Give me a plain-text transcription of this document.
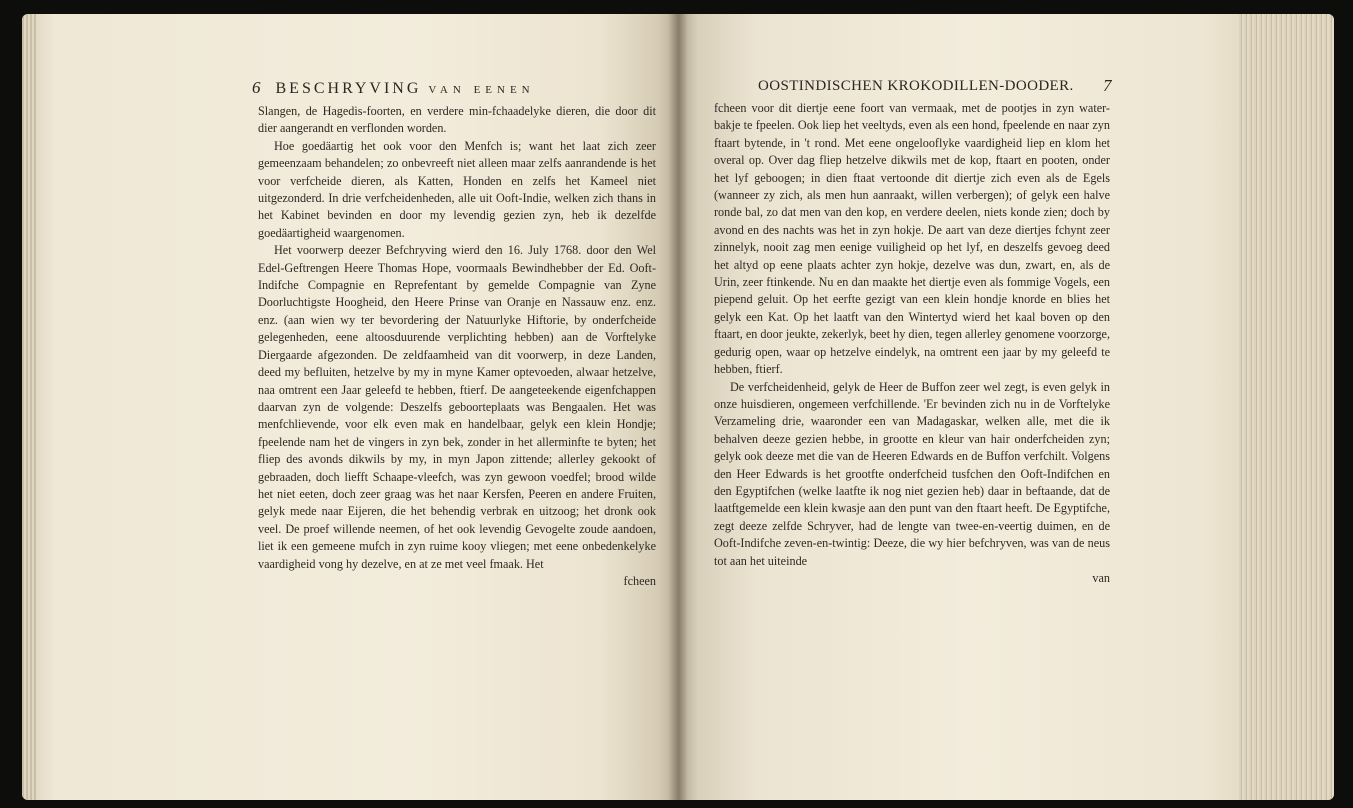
6 BESCHRYVING VAN EENEN

Slangen, de Hagedis-foorten, en verdere min-fchaadelyke dieren, die door dit dier aangerandt en verflonden worden.

Hoe goedäartig het ook voor den Menfch is; want het laat zich zeer gemeenzaam behandelen; zo onbevreeft niet alleen maar zelfs aanrandende is het voor verfcheide dieren, als Katten, Honden en zelfs het Kameel niet uitgezonderd. In drie verfcheidenheden, alle uit Ooft-Indie, welken zich thans in het Kabinet bevinden en door my levendig gezien zyn, heb ik dezelfde goedäartigheid waargenomen.

Het voorwerp deezer Befchryving wierd den 16. July 1768. door den Wel Edel-Geftrengen Heere Thomas Hope, voormaals Bewindhebber der Ed. Ooft-Indifche Compagnie en Reprefentant by gemelde Compagnie van Zyne Doorluchtigste Hoogheid, den Heere Prinse van Oranje en Nassauw enz. enz. enz. (aan wien wy ter bevordering der Natuurlyke Hiftorie, by onderfcheide gelegenheden, eene altoosduurende verplichting hebben) aan de Vorftelyke Diergaarde afgezonden. De zeldfaamheid van dit voorwerp, in deze Landen, deed my befluiten, hetzelve by my in myne Kamer optevoeden, alwaar hetzelve, naa omtrent een Jaar geleefd te hebben, ftierf. De aangeteekende eigenfchappen daarvan zyn de volgende: Deszelfs geboorteplaats was Bengaalen. Het was menfchlievende, voor elk even mak en handelbaar, gelyk een klein Hondje; fpeelende nam het de vingers in zyn bek, zonder in het allerminfte te byten; het fliep des avonds dikwils by my, in myn Japon zittende; allerley gekookt of gebraaden, doch liefft Schaape-vleefch, was zyn gewoon voedfel; brood wilde het niet eeten, doch zeer graag was het naar Kersfen, Peeren en andere Fruiten, gelyk mede naar Eijeren, die het behendig verbrak en uitzoog; het dronk ook veel. De proef willende neemen, of het ook levendig Gevogelte zoude aandoen, liet ik een gemeene mufch in zyn ruime kooy vliegen; met eene onbedenkelyke vaardigheid vong hy dezelve, en at ze met veel fmaak. Het

fcheen
OOSTINDISCHEN KROKODILLEN-DOODER. 7

fcheen voor dit diertje eene foort van vermaak, met de pootjes in zyn water-bakje te fpeelen. Ook liep het veeltyds, even als een hond, fpeelende en naar zyn ftaart bytende, in 't rond. Met eene ongelooflyke vaardigheid liep en klom het overal op. Over dag fliep hetzelve dikwils met de kop, ftaart en pooten, onder het lyf geboogen; in dien ftaat vertoonde dit diertje zich even als de Egels (wanneer zy zich, als men hun aanraakt, willen verbergen); of gelyk een halve ronde bal, zo dat men van den kop, en verdere deelen, niets konde zien; doch by avond en des nachts was het in zyn hokje. De aart van deze diertjes fchynt zeer zinnelyk, nooit zag men eenige vuiligheid op het lyf, en deszelfs gevoeg deed het altyd op eene plaats achter zyn hokje, dezelve was dun, zwart, en, als de Urin, zeer ftinkende. Nu en dan maakte het diertje even als fommige Vogels, een piepend geluit. Op het eerfte gezigt van een klein hondje knorde en blies het gelyk een Kat. Op het laatft van den Wintertyd wierd het kaal boven op den ftaart, en door jeukte, zekerlyk, beet hy dien, tegen allerley genomene voorzorge, gedurig open, waar op hetzelve eindelyk, na omtrent een jaar by my geleefd te hebben, ftierf.

De verfcheidenheid, gelyk de Heer de Buffon zeer wel zegt, is even gelyk in onze huisdieren, ongemeen verfchillende. 'Er bevinden zich nu in de Vorftelyke Verzameling drie, waaronder een van Madagaskar, welken alle, met die ik behalven deeze gezien hebbe, in grootte en kleur van hair onderfcheiden zyn; gelyk ook deeze met die van de Heeren Edwards en de Buffon verfchilt. Volgens den Heer Edwards is het grootfte onderfcheid tusfchen den Ooft-Indifchen en den Egyptifchen (welke laatfte ik nog niet gezien heb) daar in beftaande, dat de laatftgemelde een klein kwasje aan den punt van den ftaart heeft. De Egyptifche, zegt deeze zelfde Schryver, had de lengte van twee-en-veertig duimen, en de Ooft-Indifche zeven-en-twintig: Deeze, die wy hier befchryven, was van de neus tot aan het uiteinde

van
